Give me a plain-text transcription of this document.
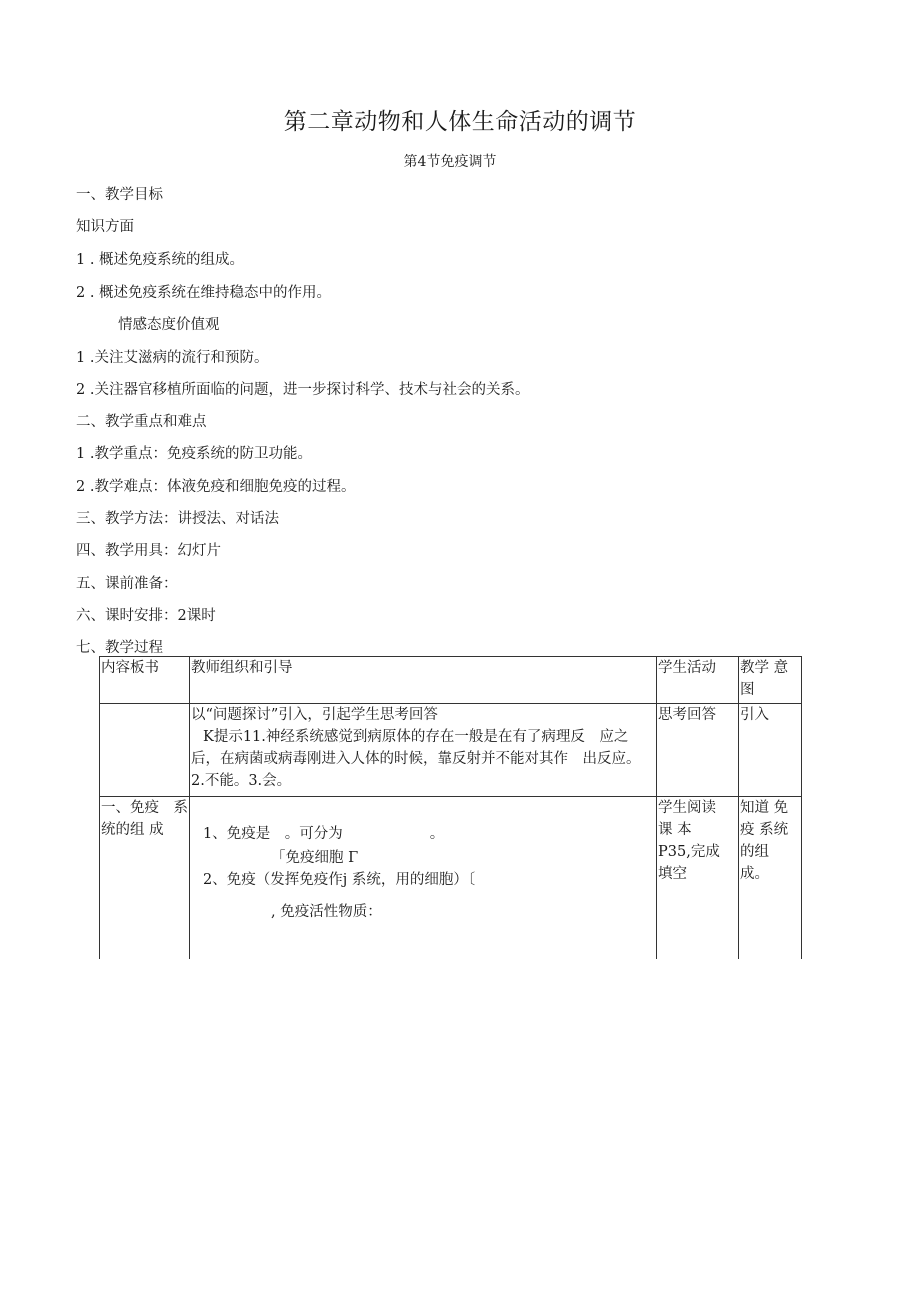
第二章动物和人体生命活动的调节
第4节免疫调节
一、教学目标
知识方面
1 . 概述免疫系统的组成。
2 . 概述免疫系统在维持稳态中的作用。
情感态度价值观
1 .关注艾滋病的流行和预防。
2 .关注器官移植所面临的问题，进一步探讨科学、技术与社会的关系。
二、教学重点和难点
1 .教学重点：免疫系统的防卫功能。
2 .教学难点：体液免疫和细胞免疫的过程。
三、教学方法：讲授法、对话法
四、教学用具：幻灯片
五、课前准备：
六、课时安排：2课时
七、教学过程
内容板书	教师组织和引导	学生活动	教学 意图

	以“问题探讨”引入，引起学生思考回答
K提示11.神经系统感觉到病原体的存在一般是在有了病理反　应之
后，在病菌或病毒刚进入人体的时候，靠反射并不能对其作　出反应。
2.不能。3.会。	思考回答	引入

一、免疫　系
统的组 成	1、免疫是　。可分为　　　　　　。
「免疫细胞 Γ
2、免疫（发挥免疫作j 系统，用的细胞）〔
, 免疫活性物质：	学生阅读
课 本
P35,完成
填空	知道 免
疫 系统
的组
成。
